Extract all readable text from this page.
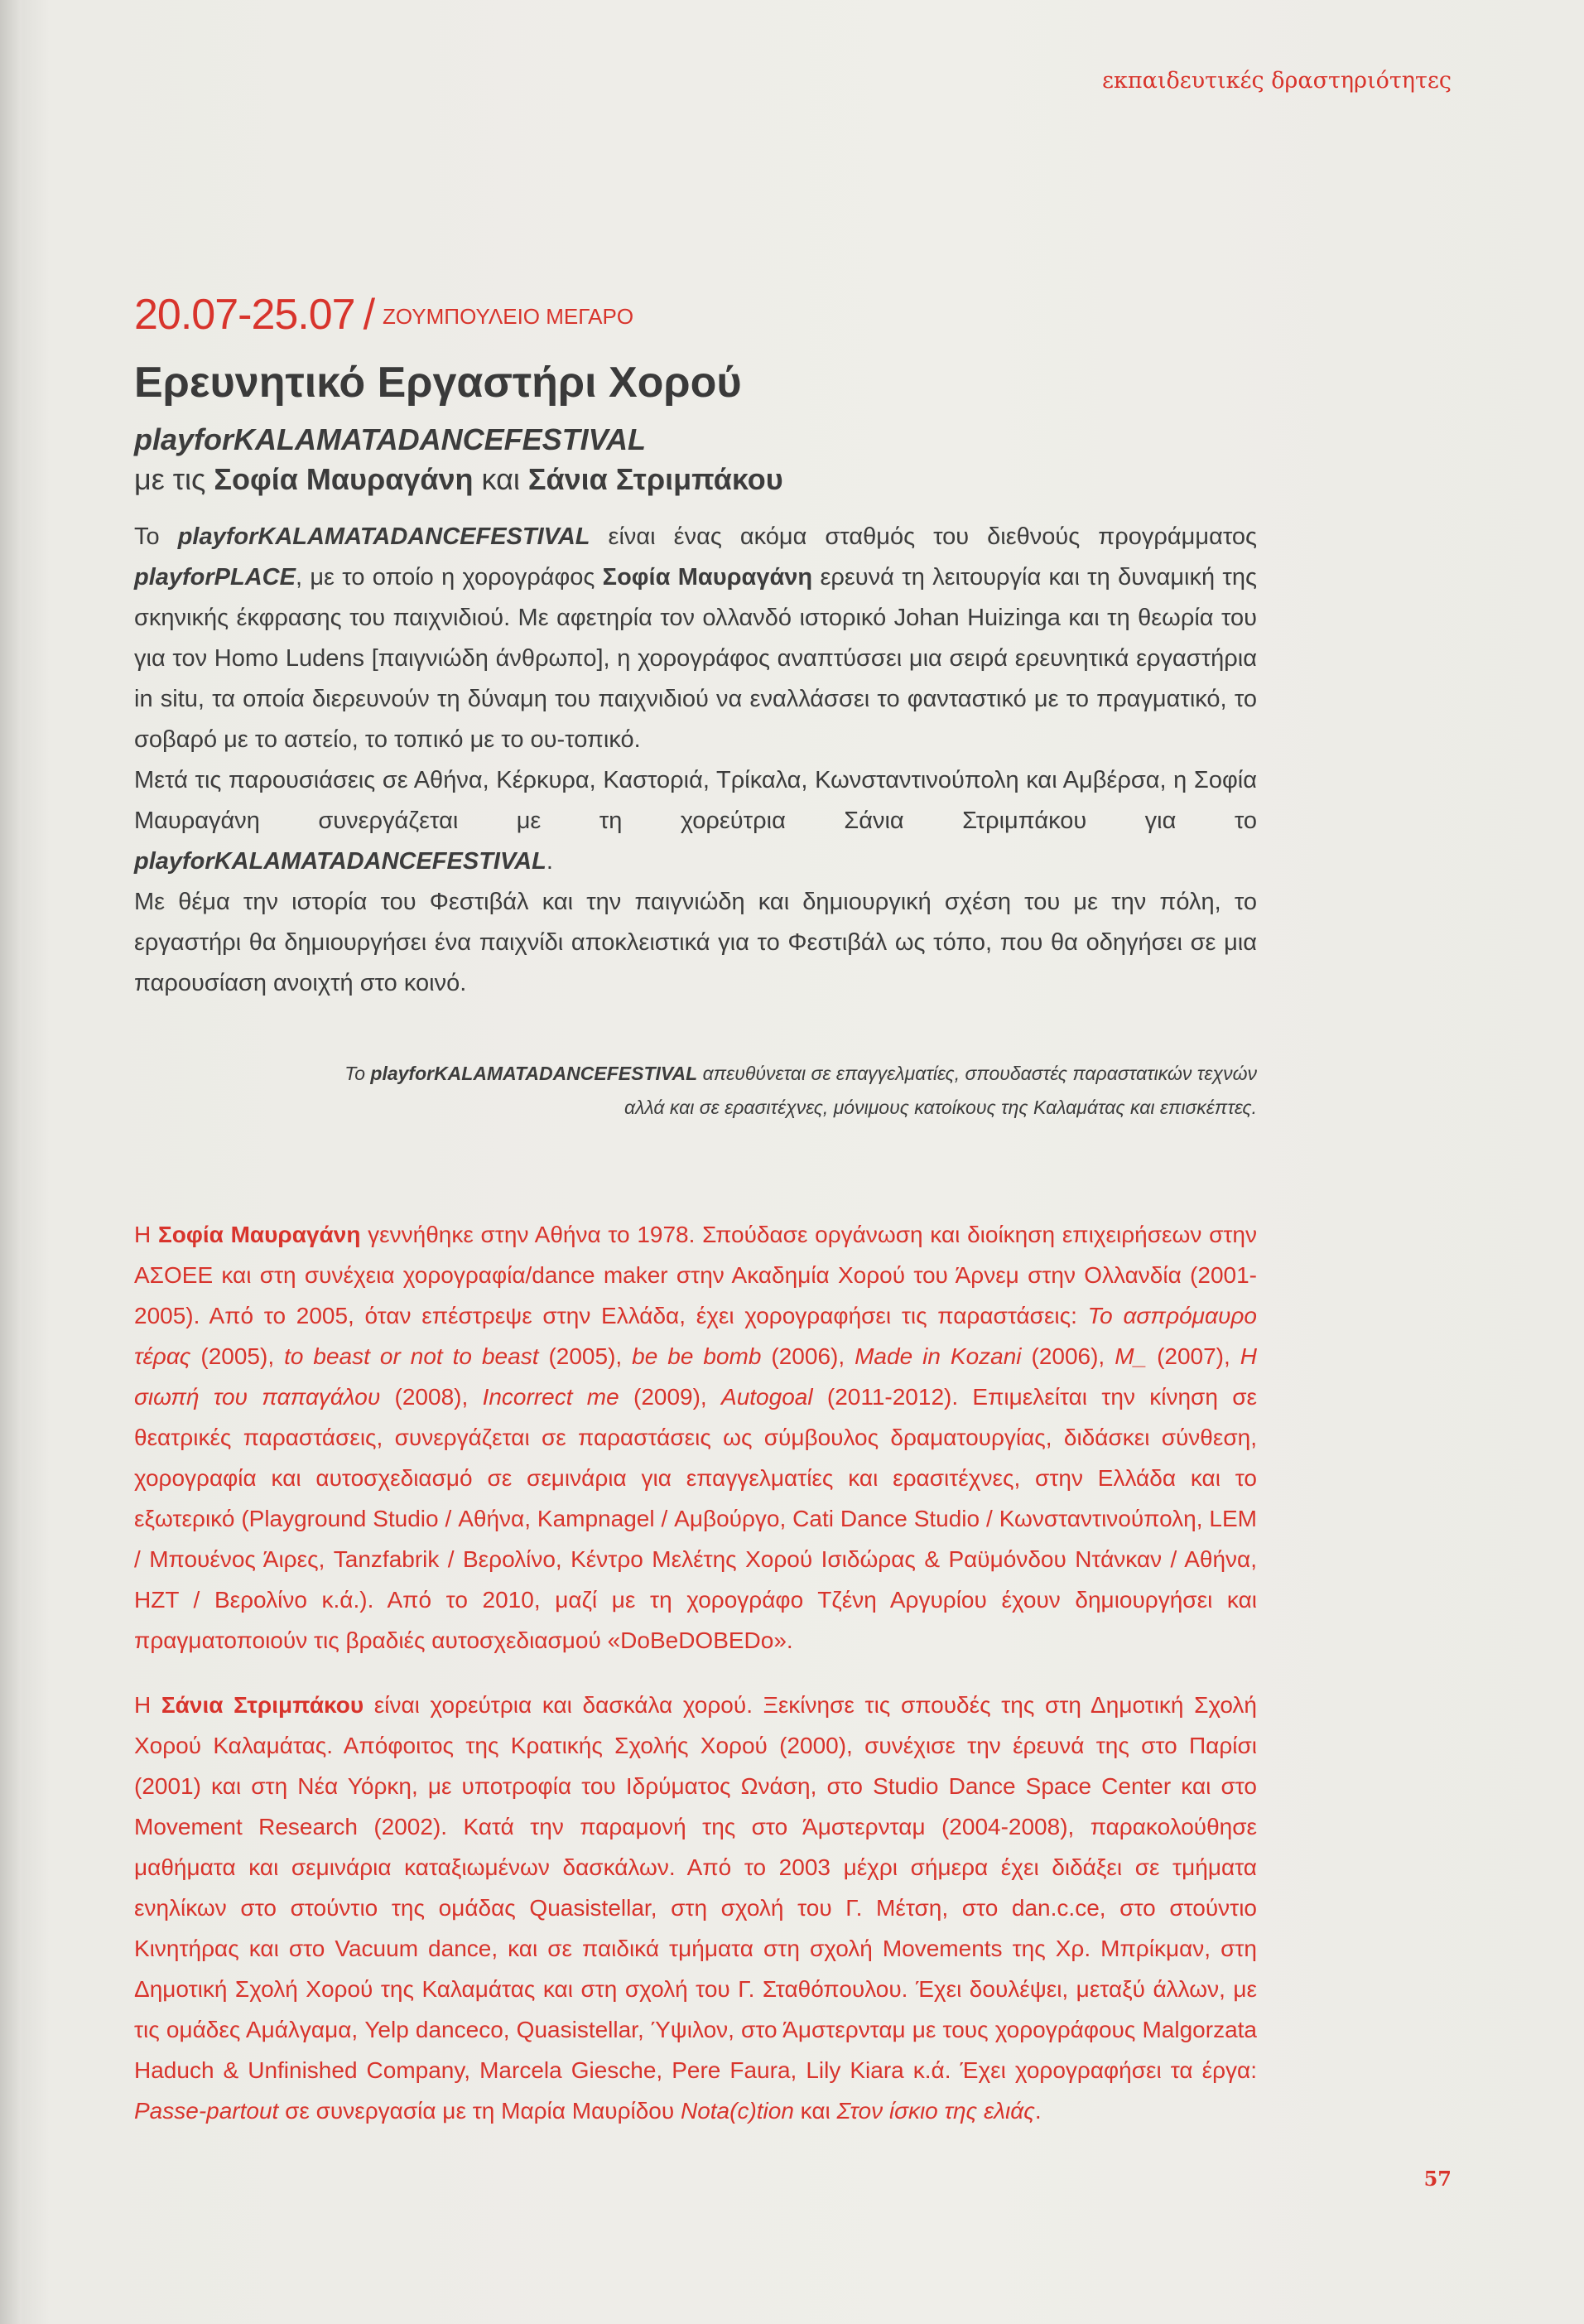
εκπαιδευτικές δραστηριότητες
20.07-25.07 / ΖΟΥΜΠΟΥΛΕΙΟ ΜΕΓΑΡΟ
Ερευνητικό Εργαστήρι Χορού
playforKALAMATADANCEFESTIVAL
με τις Σοφία Μαυραγάνη και Σάνια Στριμπάκου

Το playforKALAMATADANCEFESTIVAL είναι ένας ακόμα σταθμός του διεθνούς προγράμματος playforPLACE, με το οποίο η χορογράφος Σοφία Μαυραγάνη ερευνά τη λειτουργία και τη δυναμική της σκηνικής έκφρασης του παιχνιδιού. Με αφετηρία τον ολλανδό ιστορικό Johan Huizinga και τη θεωρία του για τον Homo Ludens [παιγνιώδη άνθρωπο], η χορογράφος αναπτύσσει μια σειρά ερευνητικά εργαστήρια in situ, τα οποία διερευνούν τη δύναμη του παιχνιδιού να εναλλάσσει το φανταστικό με το πραγματικό, το σοβαρό με το αστείο, το τοπικό με το ου-τοπικό.

Μετά τις παρουσιάσεις σε Αθήνα, Κέρκυρα, Καστοριά, Τρίκαλα, Κωνσταντινούπολη και Αμβέρσα, η Σοφία Μαυραγάνη συνεργάζεται με τη χορεύτρια Σάνια Στριμπάκου για το playforKALAMATADANCEFESTIVAL.

Με θέμα την ιστορία του Φεστιβάλ και την παιγνιώδη και δημιουργική σχέση του με την πόλη, το εργαστήρι θα δημιουργήσει ένα παιχνίδι αποκλειστικά για το Φεστιβάλ ως τόπο, που θα οδηγήσει σε μια παρουσίαση ανοιχτή στο κοινό.

Το playforKALAMATADANCEFESTIVAL απευθύνεται σε επαγγελματίες, σπουδαστές παραστατικών τεχνών
αλλά και σε ερασιτέχνες, μόνιμους κατοίκους της Καλαμάτας και επισκέπτες.

Η Σοφία Μαυραγάνη γεννήθηκε στην Αθήνα το 1978. Σπούδασε οργάνωση και διοίκηση επιχειρήσεων στην ΑΣΟΕΕ και στη συνέχεια χορογραφία/dance maker στην Ακαδημία Χορού του Άρνεμ στην Ολλανδία (2001-2005). Από το 2005, όταν επέστρεψε στην Ελλάδα, έχει χορογραφήσει τις παραστάσεις: Το ασπρόμαυρο τέρας (2005), to beast or not to beast (2005), be be bomb (2006), Made in Kozani (2006), M_ (2007), Η σιωπή του παπαγάλου (2008), Incorrect me (2009), Autogoal (2011-2012). Επιμελείται την κίνηση σε θεατρικές παραστάσεις, συνεργάζεται σε παραστάσεις ως σύμβουλος δραματουργίας, διδάσκει σύνθεση, χορογραφία και αυτοσχεδιασμό σε σεμινάρια για επαγγελματίες και ερασιτέχνες, στην Ελλάδα και το εξωτερικό (Playground Studio / Αθήνα, Kampnagel / Αμβούργο, Cati Dance Studio / Κωνσταντινούπολη, LEM / Μπουένος Άιρες, Tanzfabrik / Βερολίνο, Κέντρο Μελέτης Χορού Ισιδώρας & Ραϋμόνδου Ντάνκαν / Αθήνα, HZT / Βερολίνο κ.ά.). Από το 2010, μαζί με τη χορογράφο Τζένη Αργυρίου έχουν δημιουργήσει και πραγματοποιούν τις βραδιές αυτοσχεδιασμού «DoBeDOBEDo».

Η Σάνια Στριμπάκου είναι χορεύτρια και δασκάλα χορού. Ξεκίνησε τις σπουδές της στη Δημοτική Σχολή Χορού Καλαμάτας. Απόφοιτος της Κρατικής Σχολής Χορού (2000), συνέχισε την έρευνά της στο Παρίσι (2001) και στη Νέα Υόρκη, με υποτροφία του Ιδρύματος Ωνάση, στο Studio Dance Space Center και στο Movement Research (2002). Κατά την παραμονή της στο Άμστερνταμ (2004-2008), παρακολούθησε μαθήματα και σεμινάρια καταξιωμένων δασκάλων. Από το 2003 μέχρι σήμερα έχει διδάξει σε τμήματα ενηλίκων στο στούντιο της ομάδας Quasistellar, στη σχολή του Γ. Μέτση, στο dan.c.ce, στο στούντιο Κινητήρας και στο Vacuum dance, και σε παιδικά τμήματα στη σχολή Movements της Χρ. Μπρίκμαν, στη Δημοτική Σχολή Χορού της Καλαμάτας και στη σχολή του Γ. Σταθόπουλου. Έχει δουλέψει, μεταξύ άλλων, με τις ομάδες Αμάλγαμα, Yelp danceco, Quasistellar, Ύψιλον, στο Άμστερνταμ με τους χορογράφους Malgorzata Haduch & Unfinished Company, Marcela Giesche, Pere Faura, Lily Kiara κ.ά. Έχει χορογραφήσει τα έργα: Passe-partout σε συνεργασία με τη Μαρία Μαυρίδου Nota(c)tion και Στον ίσκιο της ελιάς.

57
